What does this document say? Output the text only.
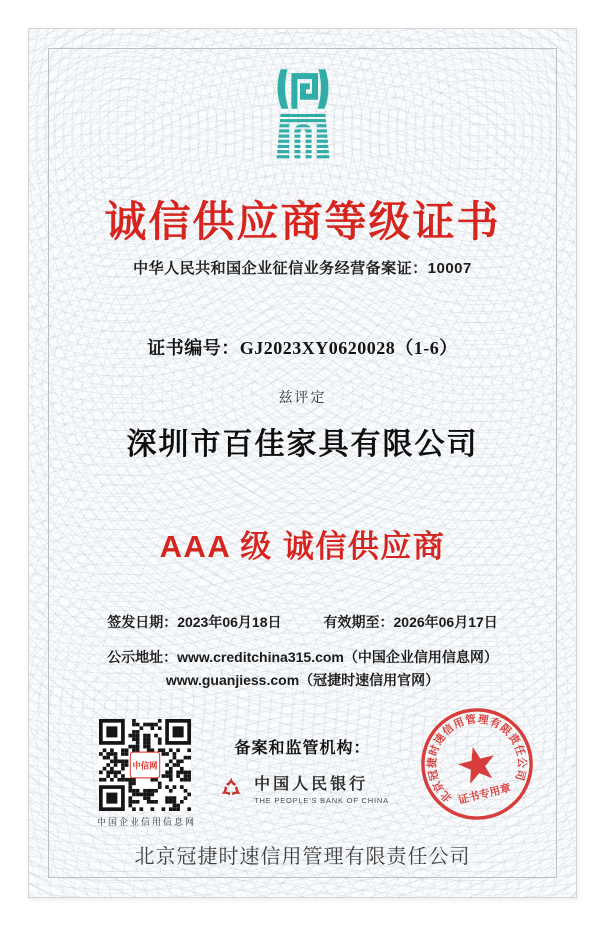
诚信供应商等级证书
中华人民共和国企业征信业务经营备案证：10007
证书编号：GJ2023XY0620028（1-6）
兹评定
深圳市百佳家具有限公司
AAA 级 诚信供应商
签发日期：2023年06月18日	有效期至：2026年06月17日
公示地址：www.creditchina315.com（中国企业信用信息网）
www.guanjiess.com（冠捷时速信用官网）
中信网
中国企业信用信息网
备案和监管机构：
中国人民银行
THE PEOPLE'S BANK OF CHINA	北京冠捷时速信用管理有限责任公司
证书专用章
北京冠捷时速信用管理有限责任公司
